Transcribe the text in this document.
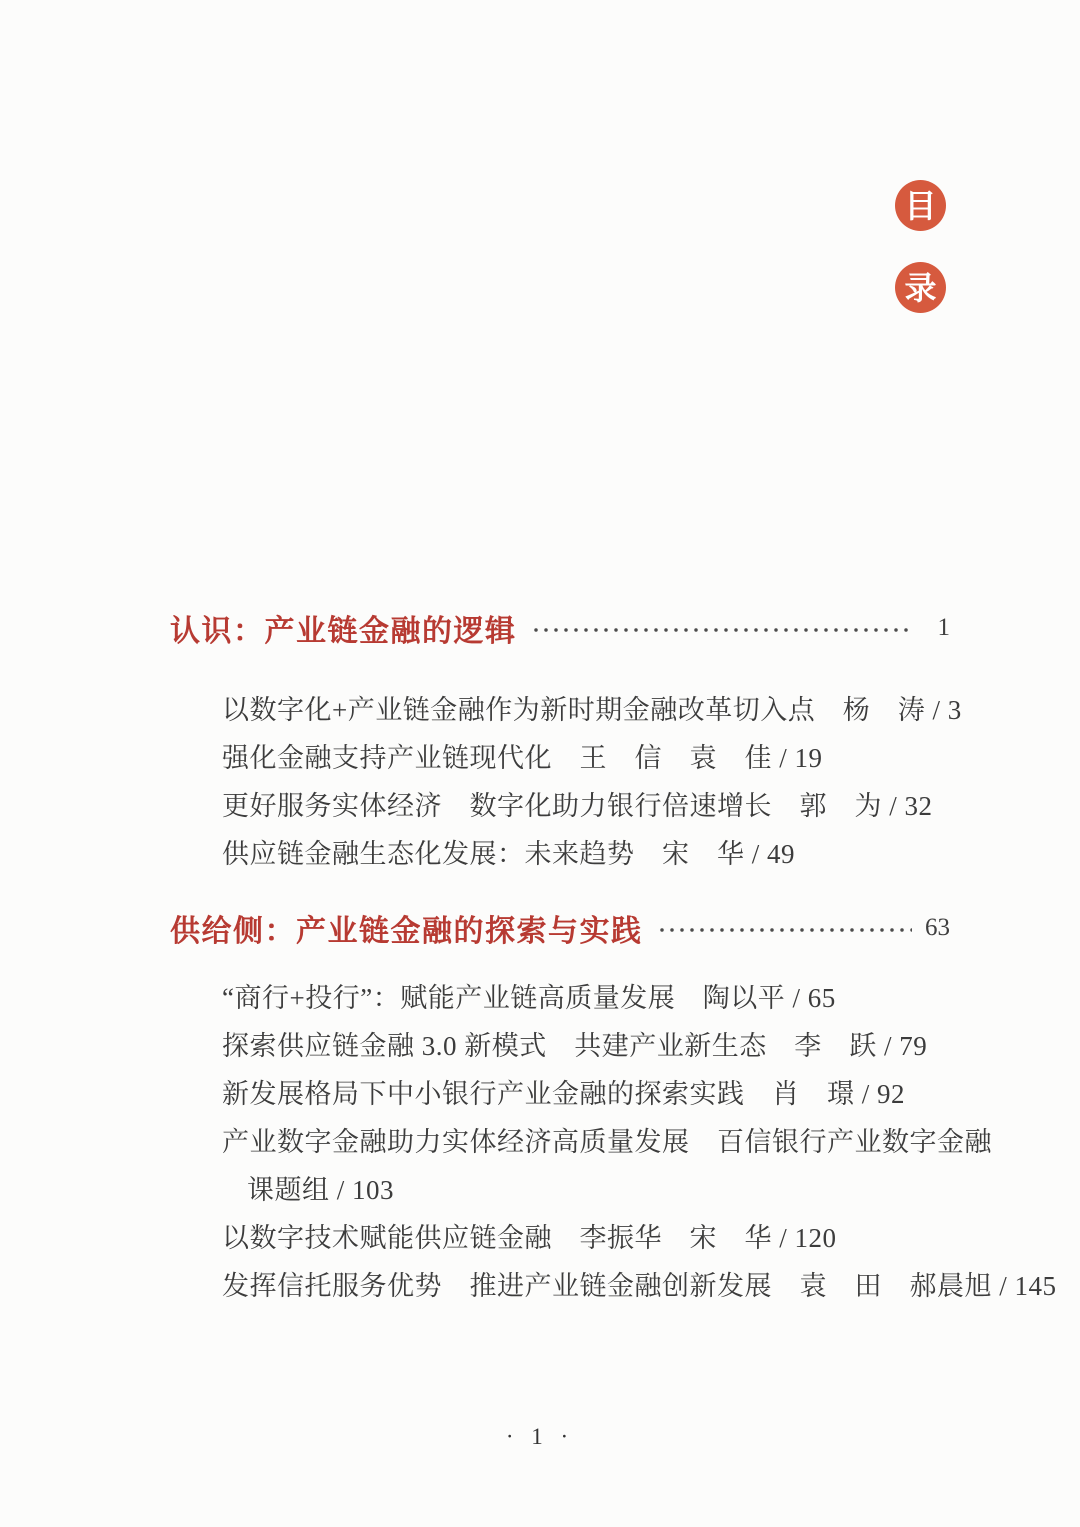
目
录
认识：产业链金融的逻辑	1
以数字化+产业链金融作为新时期金融改革切入点　杨　涛 / 3
强化金融支持产业链现代化　王　信　袁　佳 / 19
更好服务实体经济　数字化助力银行倍速增长　郭　为 / 32
供应链金融生态化发展：未来趋势　宋　华 / 49
供给侧：产业链金融的探索与实践	63
“商行+投行”：赋能产业链高质量发展　陶以平 / 65
探索供应链金融 3.0 新模式　共建产业新生态　李　跃 / 79
新发展格局下中小银行产业金融的探索实践　肖　璟 / 92
产业数字金融助力实体经济高质量发展　百信银行产业数字金融
课题组 / 103
以数字技术赋能供应链金融　李振华　宋　华 / 120
发挥信托服务优势　推进产业链金融创新发展　袁　田　郝晨旭 / 145
· 1 ·
